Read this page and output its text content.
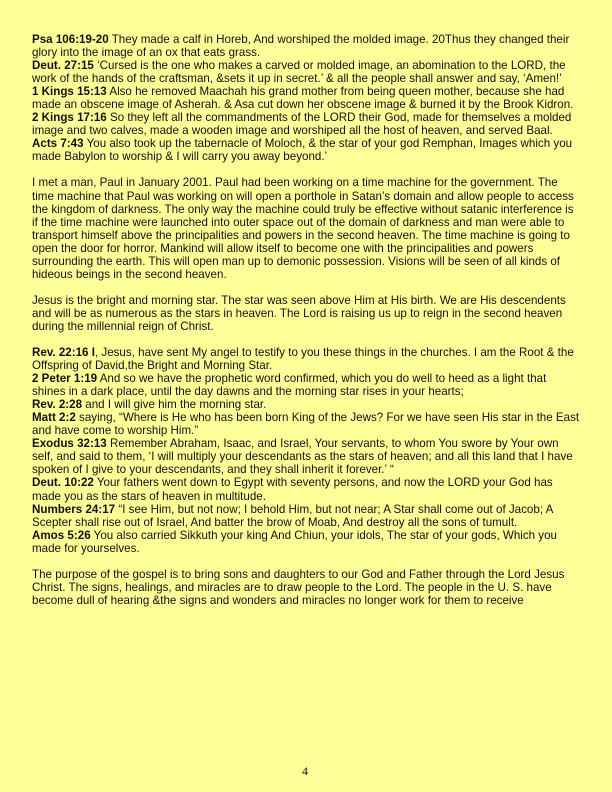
Psa 106:19-20 They made a calf in Horeb, And worshiped the molded image. 20Thus they changed their glory into the image of an ox that eats grass.

Deut. 27:15 ‘Cursed is the one who makes a carved or molded image, an abomination to the LORD, the work of the hands of the craftsman, &sets it up in secret.’ & all the people shall answer and say, ‘Amen!’

1 Kings 15:13 Also he removed Maachah his grand mother from being queen mother, because she had made an obscene image of Asherah. & Asa cut down her obscene image & burned it by the Brook Kidron.

2 Kings 17:16 So they left all the commandments of the LORD their God, made for themselves a molded image and two calves, made a wooden image and worshiped all the host of heaven, and served Baal.

Acts 7:43 You also took up the tabernacle of Moloch, & the star of your god Remphan, Images which you made Babylon to worship & I will carry you away beyond.’

I met a man, Paul in January 2001. Paul had been working on a time machine for the government. The time machine that Paul was working on will open a porthole in Satan’s domain and allow people to access the kingdom of darkness. The only way the machine could truly be effective without satanic interference is if the time machine were launched into outer space out of the domain of darkness and man were able to transport himself above the principalities and powers in the second heaven. The time machine is going to open the door for horror. Mankind will allow itself to become one with the principalities and powers surrounding the earth. This will open man up to demonic possession. Visions will be seen of all kinds of hideous beings in the second heaven.

Jesus is the bright and morning star. The star was seen above Him at His birth. We are His descendents and will be as numerous as the stars in heaven. The Lord is raising us up to reign in the second heaven during the millennial reign of Christ.

Rev. 22:16 I, Jesus, have sent My angel to testify to you these things in the churches. I am the Root & the Offspring of David,the Bright and Morning Star.

2 Peter 1:19 And so we have the prophetic word confirmed, which you do well to heed as a light that shines in a dark place, until the day dawns and the morning star rises in your hearts;

Rev. 2:28 and I will give him the morning star.

Matt 2:2 saying, “Where is He who has been born King of the Jews? For we have seen His star in the East and have come to worship Him.”

Exodus 32:13 Remember Abraham, Isaac, and Israel, Your servants, to whom You swore by Your own self, and said to them, ‘I will multiply your descendants as the stars of heaven; and all this land that I have spoken of I give to your descendants, and they shall inherit it forever.’ “

Deut. 10:22 Your fathers went down to Egypt with seventy persons, and now the LORD your God has made you as the stars of heaven in multitude.

Numbers 24:17 “I see Him, but not now; I behold Him, but not near; A Star shall come out of Jacob; A Scepter shall rise out of Israel, And batter the brow of Moab, And destroy all the sons of tumult.

Amos 5:26 You also carried Sikkuth your king And Chiun, your idols, The star of your gods, Which you made for yourselves.

The purpose of the gospel is to bring sons and daughters to our God and Father through the Lord Jesus Christ. The signs, healings, and miracles are to draw people to the Lord. The people in the U. S. have become dull of hearing &the signs and wonders and miracles no longer work for them to receive

4
